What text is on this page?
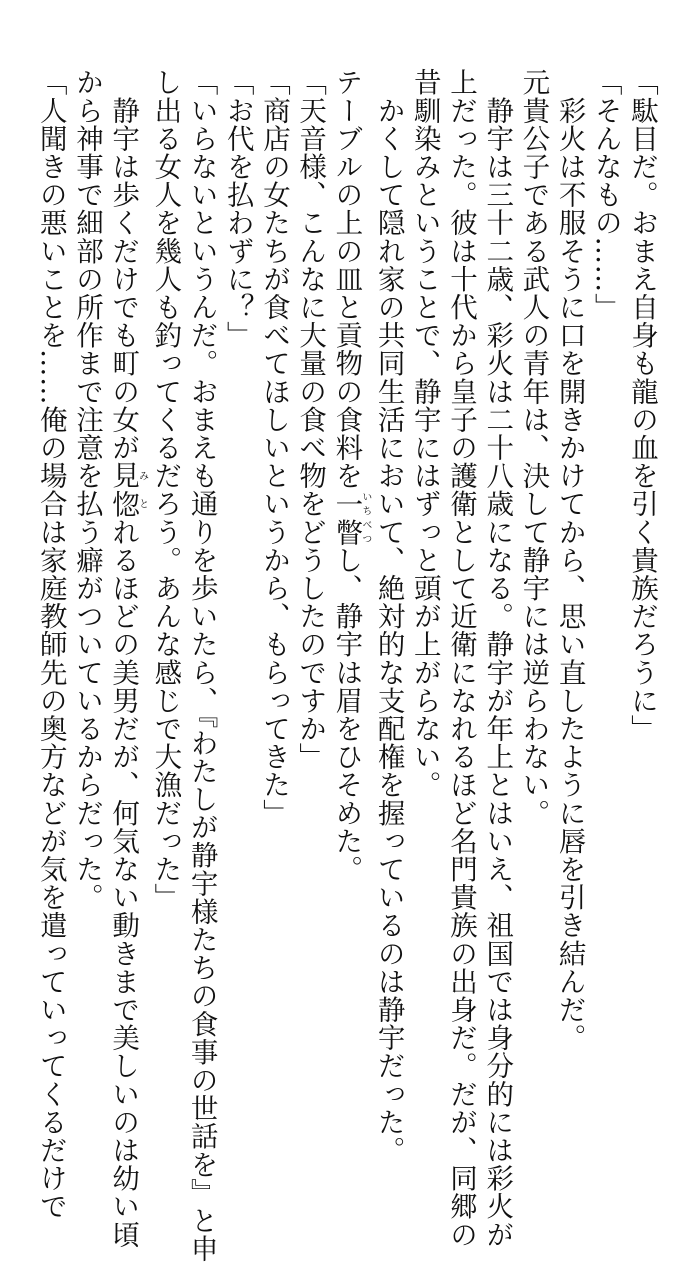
「駄目だ。おまえ自身も龍の血を引く貴族だろうに」
「そんなもの……」
　彩火は不服そうに口を開きかけてから、思い直したように唇を引き結んだ。
元貴公子である武人の青年は、決して静宇には逆らわない。
　静宇は三十二歳、彩火は二十八歳になる。静宇が年上とはいえ、祖国では身分的には彩火が
上だった。彼は十代から皇子の護衛として近衛になれるほど名門貴族の出身だ。だが、同郷の
昔馴染みということで、静宇にはずっと頭が上がらない。
　かくして隠れ家の共同生活において、絶対的な支配権を握っているのは静宇だった。
テーブルの上の皿と貢物の食料を一瞥いちべつし、静宇は眉をひそめた。
「天音様、こんなに大量の食べ物をどうしたのですか」
「商店の女たちが食べてほしいというから、もらってきた」
「お代を払わずに？」
「いらないというんだ。おまえも通りを歩いたら、『わたしが静宇様たちの食事の世話を』と申
し出る女人を幾人も釣ってくるだろう。あんな感じで大漁だった」
　静宇は歩くだけでも町の女が見み惚とれるほどの美男だが、何気ない動きまで美しいのは幼い頃
から神事で細部の所作まで注意を払う癖がついているからだった。
「人聞きの悪いことを……俺の場合は家庭教師先の奥方などが気を遣っていってくるだけで
